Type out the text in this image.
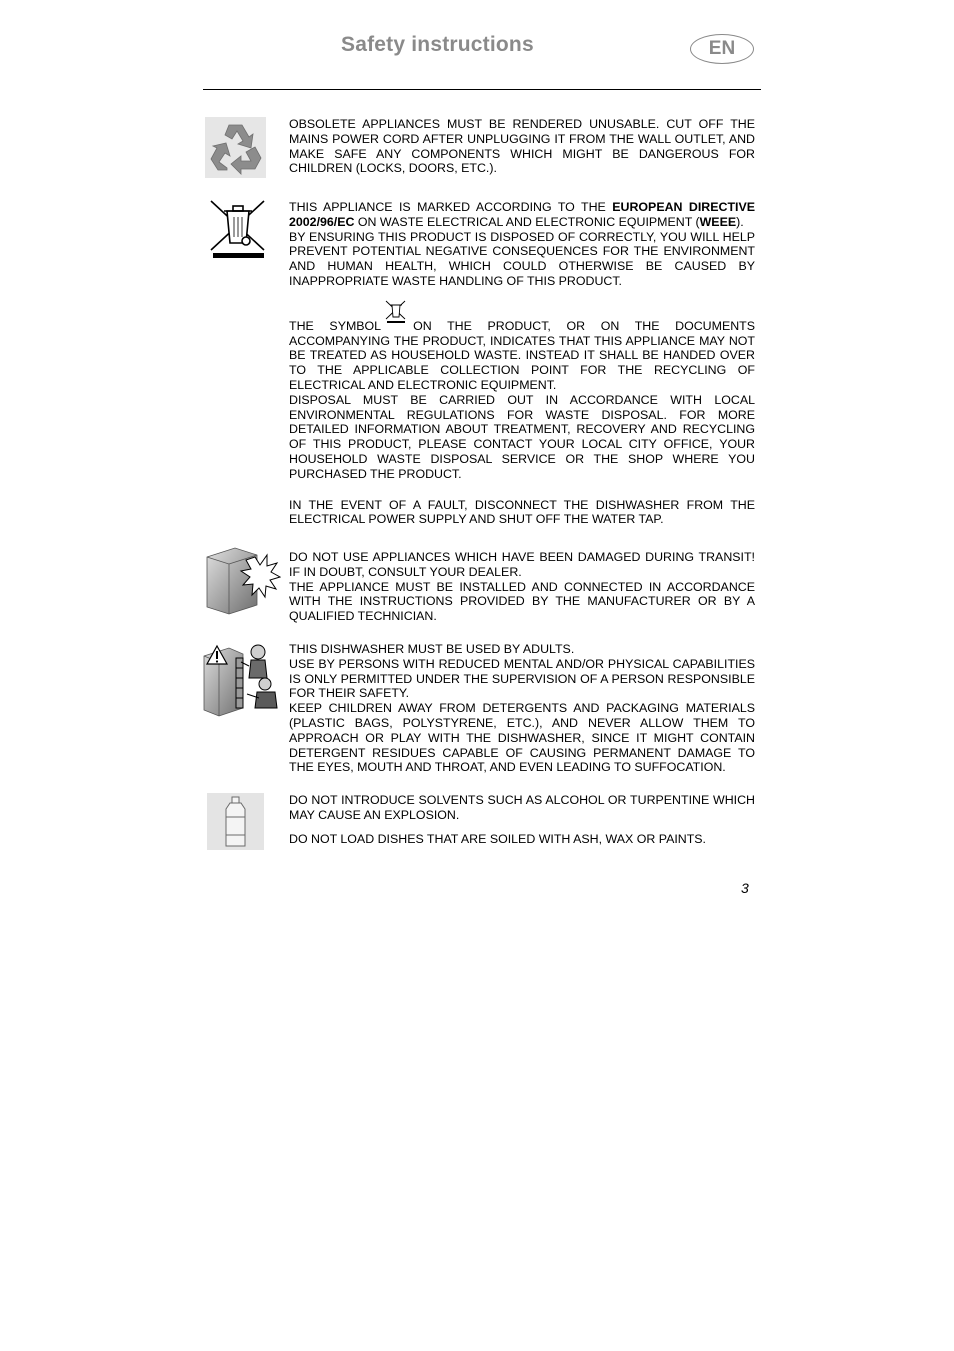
Safety instructions	EN

OBSOLETE APPLIANCES MUST BE RENDERED UNUSABLE. CUT OFF THE MAINS POWER CORD AFTER UNPLUGGING IT FROM THE WALL OUTLET, AND MAKE SAFE ANY COMPONENTS WHICH MIGHT BE DANGEROUS FOR CHILDREN (LOCKS, DOORS, ETC.).

THIS APPLIANCE IS MARKED ACCORDING TO THE EUROPEAN DIRECTIVE 2002/96/EC ON WASTE ELECTRICAL AND ELECTRONIC EQUIPMENT (WEEE).

BY ENSURING THIS PRODUCT IS DISPOSED OF CORRECTLY, YOU WILL HELP PREVENT POTENTIAL NEGATIVE CONSEQUENCES FOR THE ENVIRONMENT AND HUMAN HEALTH, WHICH COULD OTHERWISE BE CAUSED BY INAPPROPRIATE WASTE HANDLING OF THIS PRODUCT.

THE SYMBOL	ON THE PRODUCT, OR ON THE DOCUMENTS ACCOMPANYING THE PRODUCT, INDICATES THAT THIS APPLIANCE MAY NOT BE TREATED AS HOUSEHOLD WASTE. INSTEAD IT SHALL BE HANDED OVER TO THE APPLICABLE COLLECTION POINT FOR THE RECYCLING OF ELECTRICAL AND ELECTRONIC EQUIPMENT.

DISPOSAL MUST BE CARRIED OUT IN ACCORDANCE WITH LOCAL ENVIRONMENTAL REGULATIONS FOR WASTE DISPOSAL. FOR MORE DETAILED INFORMATION ABOUT TREATMENT, RECOVERY AND RECYCLING OF THIS PRODUCT, PLEASE CONTACT YOUR LOCAL CITY OFFICE, YOUR HOUSEHOLD WASTE DISPOSAL SERVICE OR THE SHOP WHERE YOU PURCHASED THE PRODUCT.

IN THE EVENT OF A FAULT, DISCONNECT THE DISHWASHER FROM THE ELECTRICAL POWER SUPPLY AND SHUT OFF THE WATER TAP.

DO NOT USE APPLIANCES WHICH HAVE BEEN DAMAGED DURING TRANSIT! IF IN DOUBT, CONSULT YOUR DEALER.

THE APPLIANCE MUST BE INSTALLED AND CONNECTED IN ACCORDANCE WITH THE INSTRUCTIONS PROVIDED BY THE MANUFACTURER OR BY A QUALIFIED TECHNICIAN.

THIS DISHWASHER MUST BE USED BY ADULTS.

USE BY PERSONS WITH REDUCED MENTAL AND/OR PHYSICAL CAPABILITIES IS ONLY PERMITTED UNDER THE SUPERVISION OF A PERSON RESPONSIBLE FOR THEIR SAFETY.

KEEP CHILDREN AWAY FROM DETERGENTS AND PACKAGING MATERIALS (PLASTIC BAGS, POLYSTYRENE, ETC.), AND NEVER ALLOW THEM TO APPROACH OR PLAY WITH THE DISHWASHER, SINCE IT MIGHT CONTAIN DETERGENT RESIDUES CAPABLE OF CAUSING PERMANENT DAMAGE TO THE EYES, MOUTH AND THROAT, AND EVEN LEADING TO SUFFOCATION.

DO NOT INTRODUCE SOLVENTS SUCH AS ALCOHOL OR TURPENTINE WHICH MAY CAUSE AN EXPLOSION.

DO NOT LOAD DISHES THAT ARE SOILED WITH ASH, WAX OR PAINTS.

3
